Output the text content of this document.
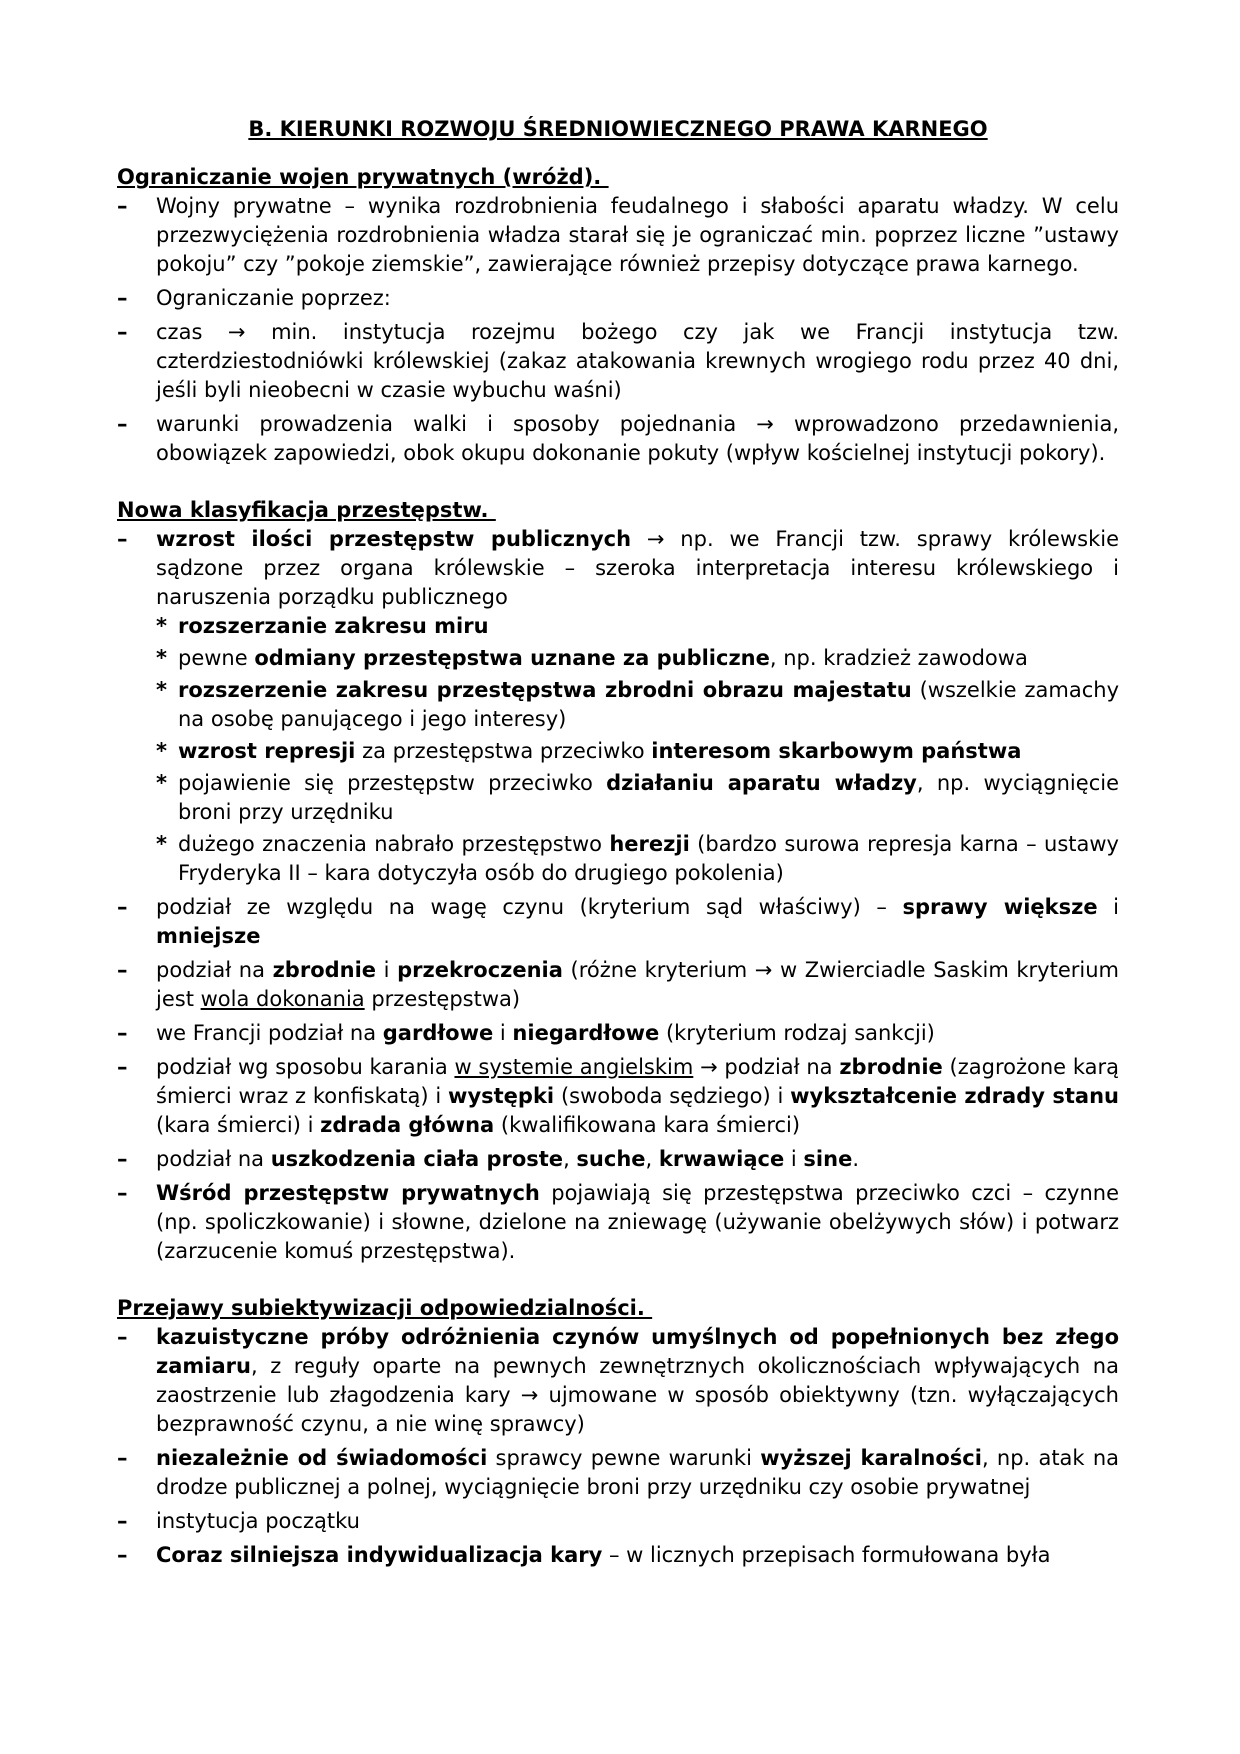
B. KIERUNKI ROZWOJU ŚREDNIOWIECZNEGO PRAWA KARNEGO

Ograniczanie wojen prywatnych (wróżd).

– Wojny prywatne – wynika rozdrobnienia feudalnego i słabości aparatu władzy. W celu przezwyciężenia rozdrobnienia władza starał się je ograniczać min. poprzez liczne ”ustawy pokoju” czy ”pokoje ziemskie”, zawierające również przepisy dotyczące prawa karnego.
– Ograniczanie poprzez:
– czas → min. instytucja rozejmu bożego czy jak we Francji instytucja tzw. czterdziestodniówki królewskiej (zakaz atakowania krewnych wrogiego rodu przez 40 dni, jeśli byli nieobecni w czasie wybuchu waśni)
– warunki prowadzenia walki i sposoby pojednania → wprowadzono przedawnienia, obowiązek zapowiedzi, obok okupu dokonanie pokuty (wpływ kościelnej instytucji pokory).

Nowa klasyfikacja przestępstw.

– wzrost ilości przestępstw publicznych → np. we Francji tzw. sprawy królewskie sądzone przez organa królewskie – szeroka interpretacja interesu królewskiego i naruszenia porządku publicznego
* rozszerzanie zakresu miru
* pewne odmiany przestępstwa uznane za publiczne, np. kradzież zawodowa
* rozszerzenie zakresu przestępstwa zbrodni obrazu majestatu (wszelkie zamachy na osobę panującego i jego interesy)
* wzrost represji za przestępstwa przeciwko interesom skarbowym państwa
* pojawienie się przestępstw przeciwko działaniu aparatu władzy, np. wyciągnięcie broni przy urzędniku
* dużego znaczenia nabrało przestępstwo herezji (bardzo surowa represja karna – ustawy Fryderyka II – kara dotyczyła osób do drugiego pokolenia)
– podział ze względu na wagę czynu (kryterium sąd właściwy) – sprawy większe i mniejsze
– podział na zbrodnie i przekroczenia (różne kryterium → w Zwierciadle Saskim kryterium jest wola dokonania przestępstwa)
– we Francji podział na gardłowe i niegardłowe (kryterium rodzaj sankcji)
– podział wg sposobu karania w systemie angielskim → podział na zbrodnie (zagrożone karą śmierci wraz z konfiskatą) i występki (swoboda sędziego) i wykształcenie zdrady stanu (kara śmierci) i zdrada główna (kwalifikowana kara śmierci)
– podział na uszkodzenia ciała proste, suche, krwawiące i sine.
– Wśród przestępstw prywatnych pojawiają się przestępstwa przeciwko czci – czynne (np. spoliczkowanie) i słowne, dzielone na zniewagę (używanie obelżywych słów) i potwarz (zarzucenie komuś przestępstwa).

Przejawy subiektywizacji odpowiedzialności.

– kazuistyczne próby odróżnienia czynów umyślnych od popełnionych bez złego zamiaru, z reguły oparte na pewnych zewnętrznych okolicznościach wpływających na zaostrzenie lub złagodzenia kary → ujmowane w sposób obiektywny (tzn. wyłączających bezprawność czynu, a nie winę sprawcy)
– niezależnie od świadomości sprawcy pewne warunki wyższej karalności, np. atak na drodze publicznej a polnej, wyciągnięcie broni przy urzędniku czy osobie prywatnej
– instytucja początku
– Coraz silniejsza indywidualizacja kary – w licznych przepisach formułowana była
